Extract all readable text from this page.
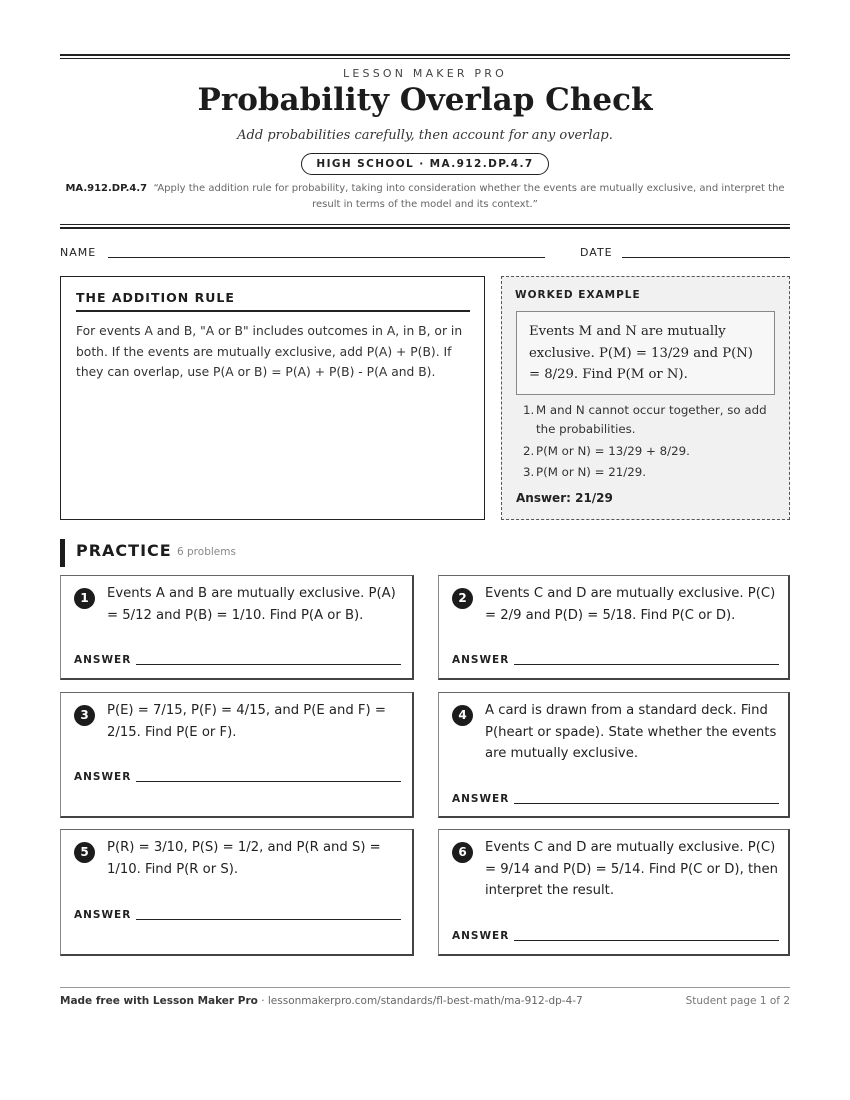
LESSON MAKER PRO
Probability Overlap Check
Add probabilities carefully, then account for any overlap.
HIGH SCHOOL · MA.912.DP.4.7
MA.912.DP.4.7 “Apply the addition rule for probability, taking into consideration whether the events are mutually exclusive, and interpret the result in terms of the model and its context.”
NAME	DATE
THE ADDITION RULE
For events A and B, "A or B" includes outcomes in A, in B, or in both. If the events are mutually exclusive, add P(A) + P(B). If they can overlap, use P(A or B) = P(A) + P(B) - P(A and B).
WORKED EXAMPLE
Events M and N are mutually exclusive. P(M) = 13/29 and P(N) = 8/29. Find P(M or N).
1. M and N cannot occur together, so add the probabilities.
2. P(M or N) = 13/29 + 8/29.
3. P(M or N) = 21/29.
Answer: 21/29
PRACTICE 6 problems
1	Events A and B are mutually exclusive. P(A) = 5/12 and P(B) = 1/10. Find P(A or B).
ANSWER
2	Events C and D are mutually exclusive. P(C) = 2/9 and P(D) = 5/18. Find P(C or D).
ANSWER
3	P(E) = 7/15, P(F) = 4/15, and P(E and F) = 2/15. Find P(E or F).
ANSWER
4	A card is drawn from a standard deck. Find P(heart or spade). State whether the events are mutually exclusive.
ANSWER
5	P(R) = 3/10, P(S) = 1/2, and P(R and S) = 1/10. Find P(R or S).
ANSWER
6	Events C and D are mutually exclusive. P(C) = 9/14 and P(D) = 5/14. Find P(C or D), then interpret the result.
ANSWER
Made free with Lesson Maker Pro · lessonmakerpro.com/standards/fl-best-math/ma-912-dp-4-7	Student page 1 of 2
